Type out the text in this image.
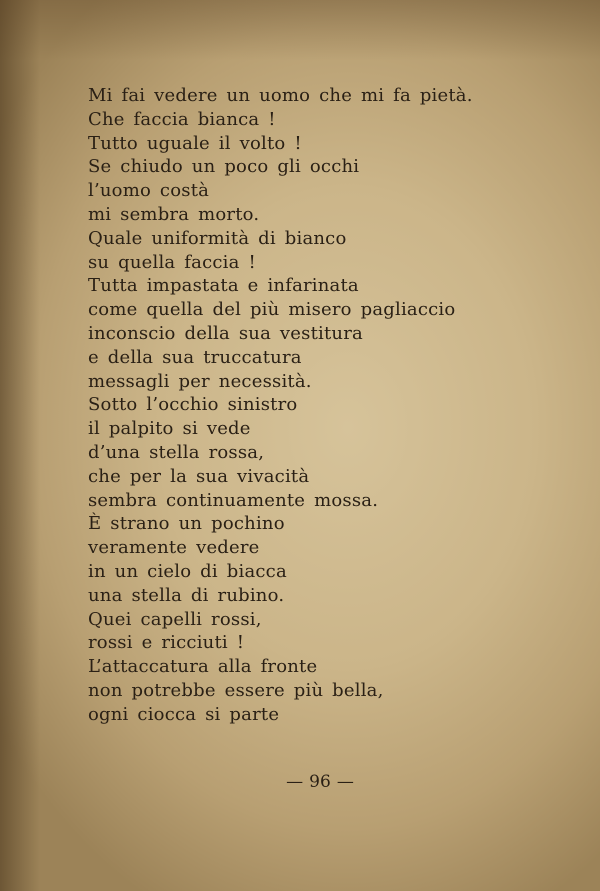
Mi fai vedere un uomo che mi fa pietà.
Che faccia bianca !
Tutto uguale il volto !
Se chiudo un poco gli occhi
l’uomo costà
mi sembra morto.
Quale uniformità di bianco
su quella faccia !
Tutta impastata e infarinata
come quella del più misero pagliaccio
inconscio della sua vestitura
e della sua truccatura
messagli per necessità.
Sotto l’occhio sinistro
il palpito si vede
d’una stella rossa,
che per la sua vivacità
sembra continuamente mossa.
È strano un pochino
veramente vedere
in un cielo di biacca
una stella di rubino.
Quei capelli rossi,
rossi e ricciuti !
L’attaccatura alla fronte
non potrebbe essere più bella,
ogni ciocca si parte
— 96 —
